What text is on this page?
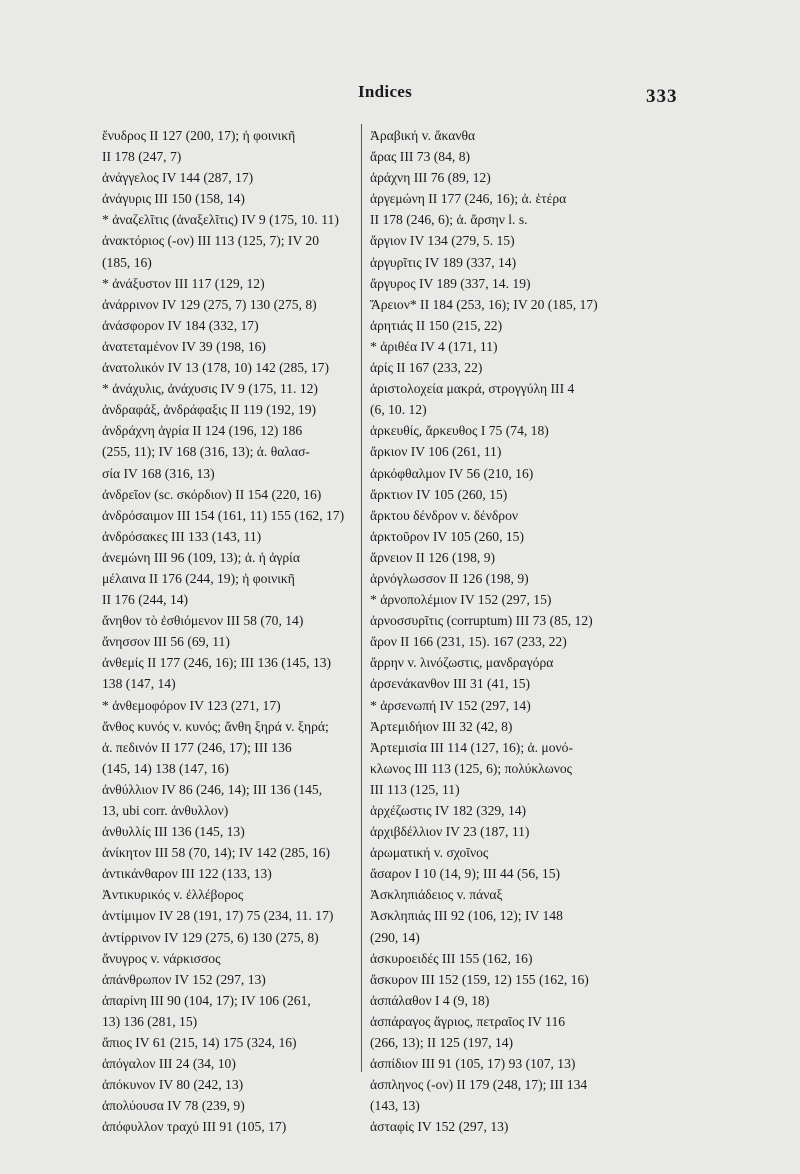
Indices	333
ἔνυδρος II 127 (200, 17); ἡ φοινικῆ
II 178 (247, 7)
ἀνάγγελος IV 144 (287, 17)
ἀνάγυρις III 150 (158, 14)
* ἀναζελῖτις (ἀναξελῖτις) IV 9 (175, 10. 11)
ἀνακτόριος (-ον) III 113 (125, 7); IV 20
(185, 16)
* ἀνάξυστον III 117 (129, 12)
ἀνάρρινον IV 129 (275, 7) 130 (275, 8)
ἀνάσφορον IV 184 (332, 17)
ἀνατεταμένον IV 39 (198, 16)
ἀνατολικόν IV 13 (178, 10) 142 (285, 17)
* ἀνάχυλις, ἀνάχυσις IV 9 (175, 11. 12)
ἀνδραφάξ, ἀνδράφαξις II 119 (192, 19)
ἀνδράχνη ἀγρία II 124 (196, 12) 186
(255, 11); IV 168 (316, 13); ἀ. θαλασ-
σία IV 168 (316, 13)
ἀνδρεῖον (sc. σκόρδιον) II 154 (220, 16)
ἀνδρόσαιμον III 154 (161, 11) 155 (162, 17)
ἀνδρόσακες III 133 (143, 11)
ἀνεμώνη III 96 (109, 13); ἀ. ἡ ἀγρία
μέλαινα II 176 (244, 19); ἡ φοινικῆ
II 176 (244, 14)
ἄνηθον τὸ ἐσθιόμενον III 58 (70, 14)
ἄνησσον III 56 (69, 11)
ἀνθεμίς II 177 (246, 16); III 136 (145, 13)
138 (147, 14)
* ἀνθεμοφόρον IV 123 (271, 17)
ἄνθος κυνός v. κυνός; ἄνθη ξηρά v. ξηρά;
ἀ. πεδινόν II 177 (246, 17); III 136
(145, 14) 138 (147, 16)
ἀνθύλλιον IV 86 (246, 14); III 136 (145,
13, ubi corr. ἀνθυλλον)
ἀνθυλλίς III 136 (145, 13)
ἀνίκητον III 58 (70, 14); IV 142 (285, 16)
ἀντικάνθαρον III 122 (133, 13)
Ἀντικυρικός v. ἐλλέβορος
ἀντίμιμον IV 28 (191, 17) 75 (234, 11. 17)
ἀντίρρινον IV 129 (275, 6) 130 (275, 8)
ἄνυγρος v. νάρκισσος
ἀπάνθρωπον IV 152 (297, 13)
ἀπαρίνη III 90 (104, 17); IV 106 (261,
13) 136 (281, 15)
ἄπιος IV 61 (215, 14) 175 (324, 16)
ἀπόγαλον III 24 (34, 10)
ἀπόκυνον IV 80 (242, 13)
ἀπολύουσα IV 78 (239, 9)
ἀπόφυλλον τραχύ III 91 (105, 17)
Ἀραβική v. ἄκανθα
ἄρας III 73 (84, 8)
ἀράχνη III 76 (89, 12)
ἀργεμώνη II 177 (246, 16); ἀ. ἑτέρα
II 178 (246, 6); ἀ. ἄρσην l. s.
ἄργιον IV 134 (279, 5. 15)
ἀργυρῖτις IV 189 (337, 14)
ἄργυρος IV 189 (337, 14. 19)
Ἄρειον* II 184 (253, 16); IV 20 (185, 17)
ἀρητιάς II 150 (215, 22)
* ἀριθέα IV 4 (171, 11)
ἀρίς II 167 (233, 22)
ἀριστολοχεία μακρά, στρογγύλη III 4
(6, 10. 12)
ἀρκευθίς, ἄρκευθος I 75 (74, 18)
ἄρκιον IV 106 (261, 11)
ἀρκόφθαλμον IV 56 (210, 16)
ἄρκτιον IV 105 (260, 15)
ἄρκτου δένδρον v. δένδρον
ἀρκτοῦρον IV 105 (260, 15)
ἄρνειον II 126 (198, 9)
ἀρνόγλωσσον II 126 (198, 9)
* ἀρνοπολέμιον IV 152 (297, 15)
ἀρνοσσυρῖτις (corruptum) III 73 (85, 12)
ἄρον II 166 (231, 15). 167 (233, 22)
ἄρρην v. λινόζωστις, μανδραγόρα
ἀρσενάκανθον III 31 (41, 15)
* ἀρσενωπή IV 152 (297, 14)
Ἀρτεμιδήιον III 32 (42, 8)
Ἀρτεμισία III 114 (127, 16); ἀ. μονό-
κλωνος III 113 (125, 6); πολύκλωνος
III 113 (125, 11)
ἀρχέζωστις IV 182 (329, 14)
ἀρχιβδέλλιον IV 23 (187, 11)
ἀρωματική v. σχοῖνος
ἄσαρον I 10 (14, 9); III 44 (56, 15)
Ἀσκληπιάδειος v. πάναξ
Ἀσκληπιάς III 92 (106, 12); IV 148
(290, 14)
ἀσκυροειδές III 155 (162, 16)
ἄσκυρον III 152 (159, 12) 155 (162, 16)
ἀσπάλαθον I 4 (9, 18)
ἀσπάραγος ἄγριος, πετραῖος IV 116
(266, 13); II 125 (197, 14)
ἀσπίδιον III 91 (105, 17) 93 (107, 13)
ἀσπληνος (-ον) II 179 (248, 17); III 134
(143, 13)
ἀσταφίς IV 152 (297, 13)
